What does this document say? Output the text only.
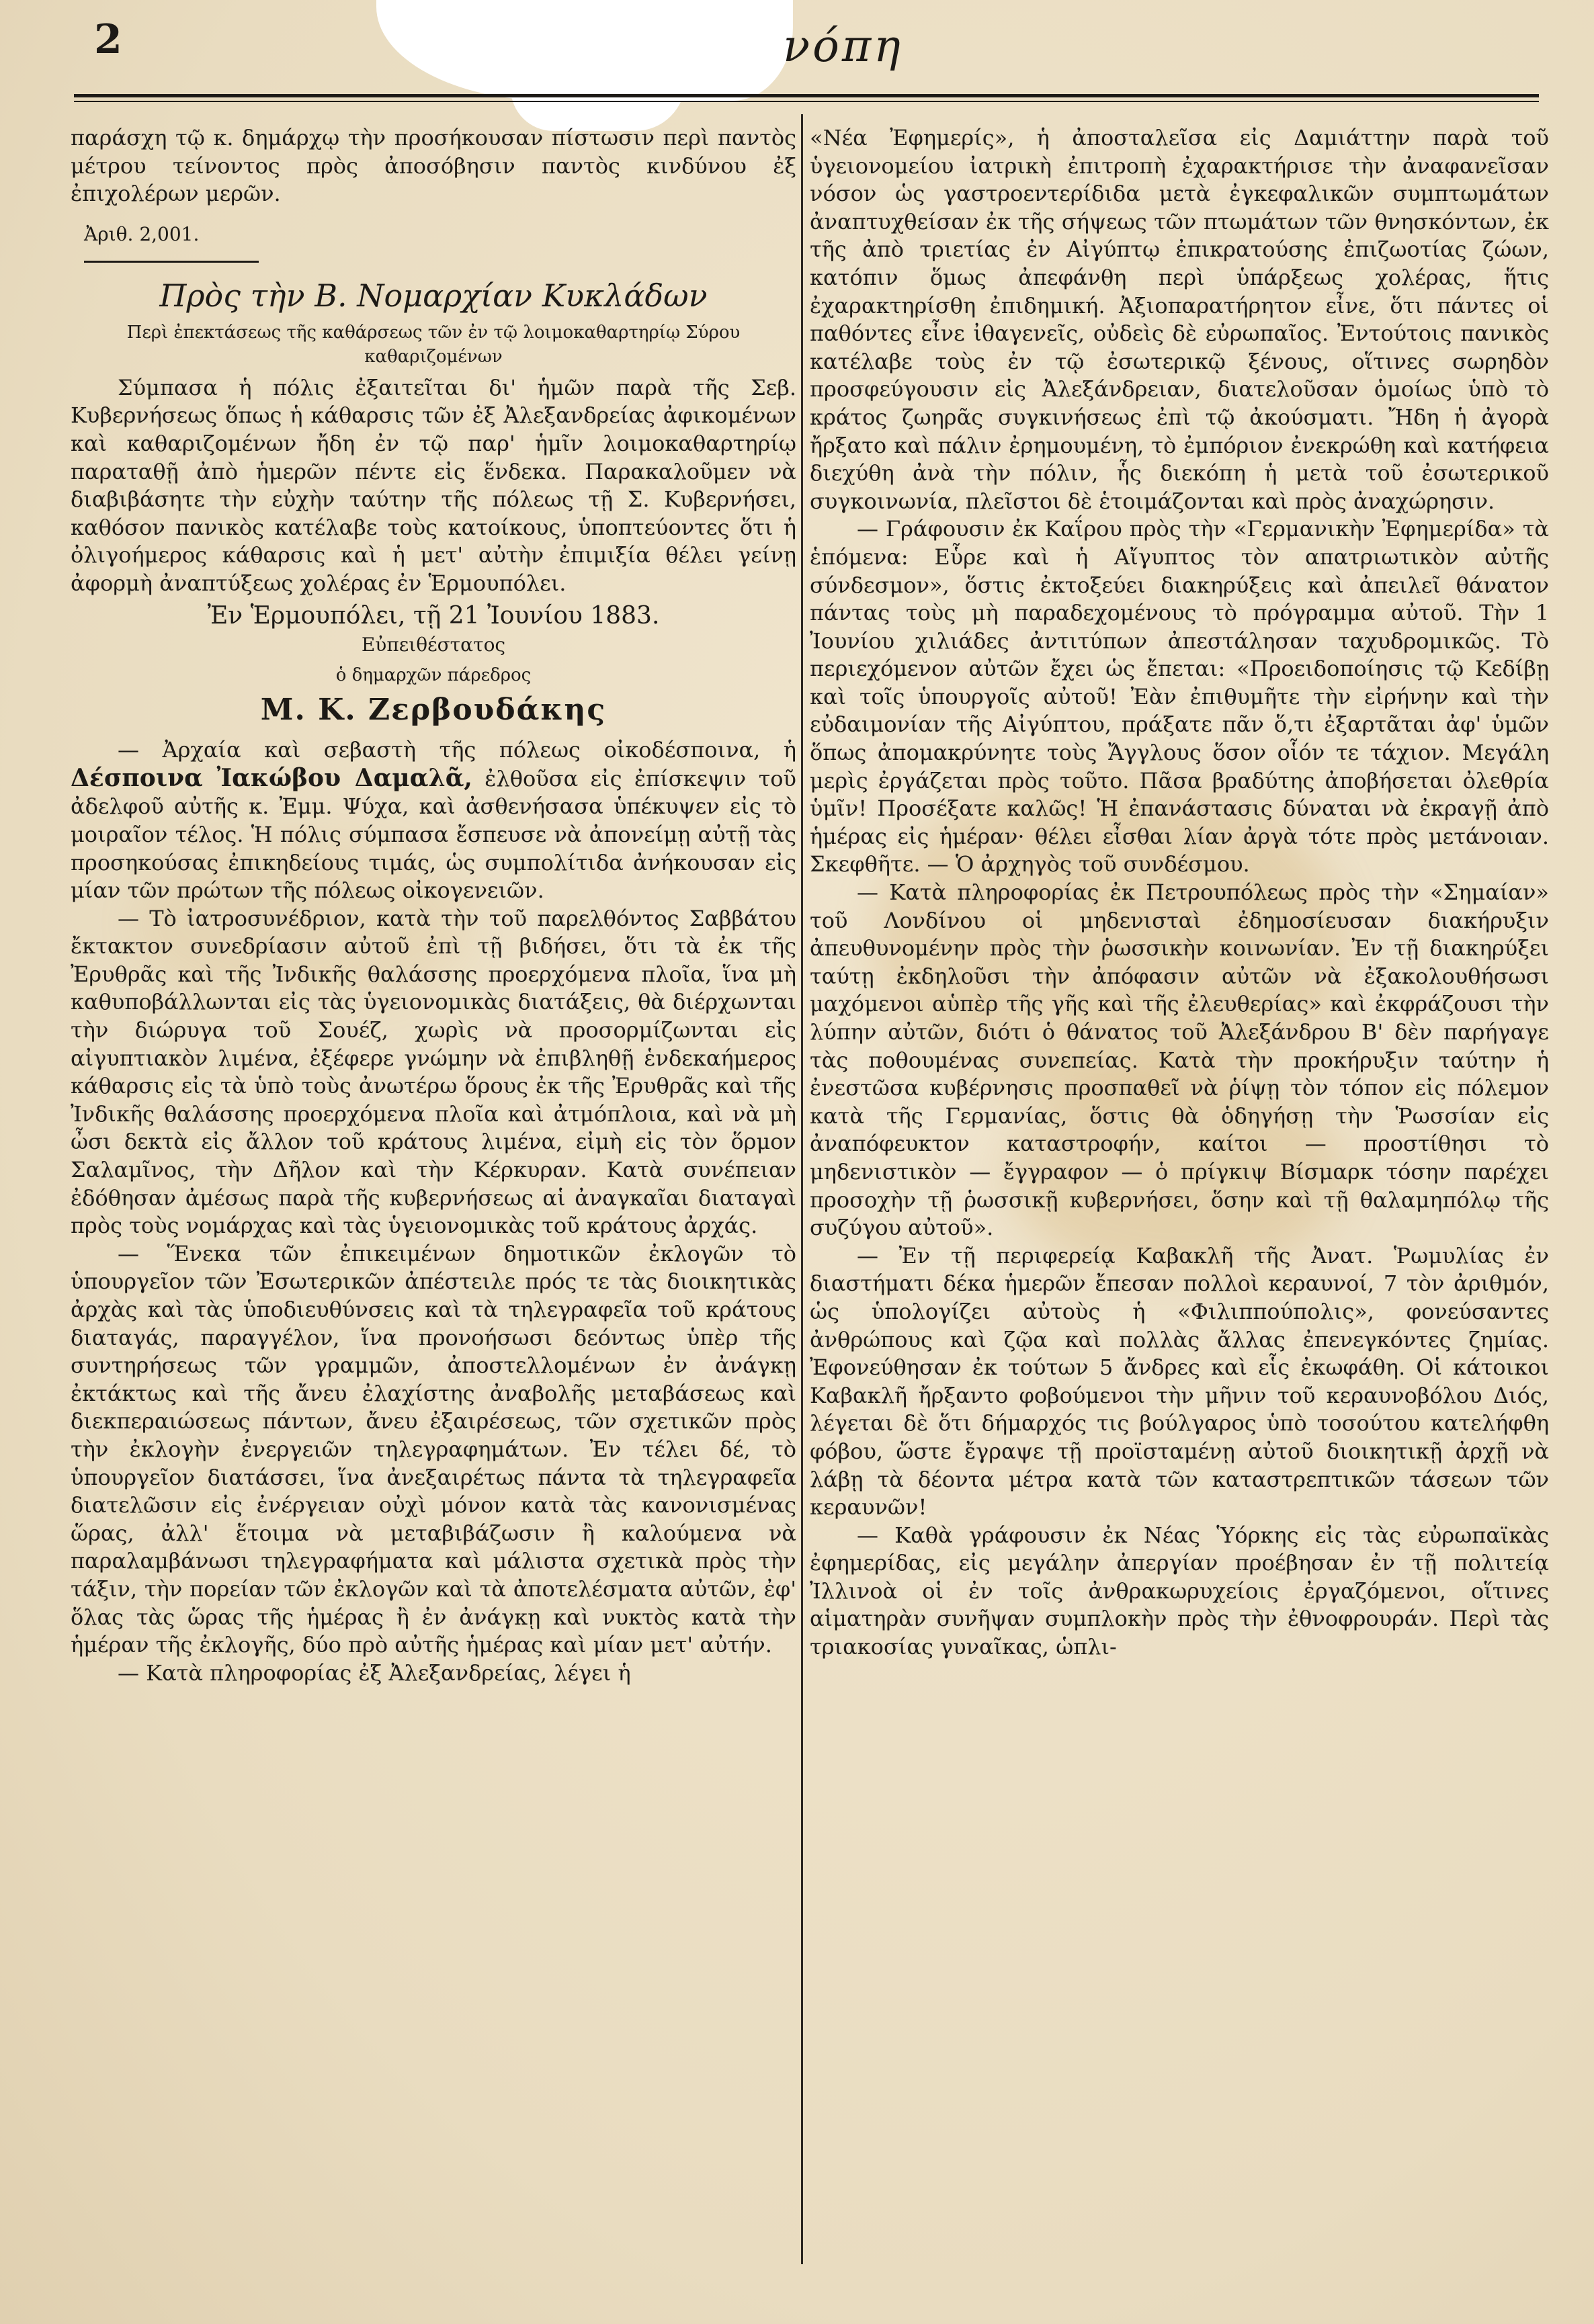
2	νόπη

παράσχη τῷ κ. δημάρχῳ τὴν προσήκουσαν πίστωσιν περὶ παντὸς μέτρου τείνοντος πρὸς ἀποσόβησιν παντὸς κινδύνου ἐξ ἐπιχολέρων μερῶν.

Ἀριθ. 2,001.

Πρὸς τὴν Β. Νομαρχίαν Κυκλάδων

Περὶ ἐπεκτάσεως τῆς καθάρσεως τῶν ἐν τῷ λοιμοκαθαρτηρίῳ Σύρου καθαριζομένων

Σύμπασα ἡ πόλις ἐξαιτεῖται δι' ἡμῶν παρὰ τῆς Σεβ. Κυβερνήσεως ὅπως ἡ κάθαρσις τῶν ἐξ Ἀλεξανδρείας ἀφικομένων καὶ καθαριζομένων ἤδη ἐν τῷ παρ' ἡμῖν λοιμοκαθαρτηρίῳ παραταθῇ ἀπὸ ἡμερῶν πέντε εἰς ἕνδεκα. Παρακαλοῦμεν νὰ διαβιβάσητε τὴν εὐχὴν ταύτην τῆς πόλεως τῇ Σ. Κυβερνήσει, καθόσον πανικὸς κατέλαβε τοὺς κατοίκους, ὑποπτεύοντες ὅτι ἡ ὀλιγοήμερος κάθαρσις καὶ ἡ μετ' αὐτὴν ἐπιμιξία θέλει γείνῃ ἀφορμὴ ἀναπτύξεως χολέρας ἐν Ἑρμουπόλει.

Ἐν Ἑρμουπόλει, τῇ 21 Ἰουνίου 1883.

Εὐπειθέστατος

ὁ δημαρχῶν πάρεδρος

Μ. Κ. Ζερβουδάκης

— Ἀρχαία καὶ σεβαστὴ τῆς πόλεως οἰκοδέσποινα, ἡ Δέσποινα Ἰακώβου Δαμαλᾶ, ἐλθοῦσα εἰς ἐπίσκεψιν τοῦ ἀδελφοῦ αὐτῆς κ. Ἐμμ. Ψύχα, καὶ ἀσθενήσασα ὑπέκυψεν εἰς τὸ μοιραῖον τέλος. Ἡ πόλις σύμπασα ἔσπευσε νὰ ἀπονείμῃ αὐτῇ τὰς προσηκούσας ἐπικηδείους τιμάς, ὡς συμπολίτιδα ἀνήκουσαν εἰς μίαν τῶν πρώτων τῆς πόλεως οἰκογενειῶν.

— Τὸ ἰατροσυνέδριον, κατὰ τὴν τοῦ παρελθόντος Σαββάτου ἔκτακτον συνεδρίασιν αὐτοῦ ἐπὶ τῇ βιδήσει, ὅτι τὰ ἐκ τῆς Ἐρυθρᾶς καὶ τῆς Ἰνδικῆς θαλάσσης προερχόμενα πλοῖα, ἵνα μὴ καθυποβάλλωνται εἰς τὰς ὑγειονομικὰς διατάξεις, θὰ διέρχωνται τὴν διώρυγα τοῦ Σουέζ, χωρὶς νὰ προσορμίζωνται εἰς αἰγυπτιακὸν λιμένα, ἐξέφερε γνώμην νὰ ἐπιβληθῇ ἑνδεκαήμερος κάθαρσις εἰς τὰ ὑπὸ τοὺς ἀνωτέρω ὅρους ἐκ τῆς Ἐρυθρᾶς καὶ τῆς Ἰνδικῆς θαλάσσης προερχόμενα πλοῖα καὶ ἀτμόπλοια, καὶ νὰ μὴ ὦσι δεκτὰ εἰς ἄλλον τοῦ κράτους λιμένα, εἰμὴ εἰς τὸν ὅρμον Σαλαμῖνος, τὴν Δῆλον καὶ τὴν Κέρκυραν. Κατὰ συνέπειαν ἐδόθησαν ἀμέσως παρὰ τῆς κυβερνήσεως αἱ ἀναγκαῖαι διαταγαὶ πρὸς τοὺς νομάρχας καὶ τὰς ὑγειονομικὰς τοῦ κράτους ἀρχάς.

— Ἕνεκα τῶν ἐπικειμένων δημοτικῶν ἐκλογῶν τὸ ὑπουργεῖον τῶν Ἐσωτερικῶν ἀπέστειλε πρός τε τὰς διοικητικὰς ἀρχὰς καὶ τὰς ὑποδιευθύνσεις καὶ τὰ τηλεγραφεῖα τοῦ κράτους διαταγάς, παραγγέλον, ἵνα προνοήσωσι δεόντως ὑπὲρ τῆς συντηρήσεως τῶν γραμμῶν, ἀποστελλομένων ἐν ἀνάγκῃ ἐκτάκτως καὶ τῆς ἄνευ ἐλαχίστης ἀναβολῆς μεταβάσεως καὶ διεκπεραιώσεως πάντων, ἄνευ ἐξαιρέσεως, τῶν σχετικῶν πρὸς τὴν ἐκλογὴν ἐνεργειῶν τηλεγραφημάτων. Ἐν τέλει δέ, τὸ ὑπουργεῖον διατάσσει, ἵνα ἀνεξαιρέτως πάντα τὰ τηλεγραφεῖα διατελῶσιν εἰς ἐνέργειαν οὐχὶ μόνον κατὰ τὰς κανονισμένας ὥρας, ἀλλ' ἕτοιμα νὰ μεταβιβάζωσιν ἢ καλούμενα νὰ παραλαμβάνωσι τηλεγραφήματα καὶ μάλιστα σχετικὰ πρὸς τὴν τάξιν, τὴν πορείαν τῶν ἐκλογῶν καὶ τὰ ἀποτελέσματα αὐτῶν, ἐφ' ὅλας τὰς ὥρας τῆς ἡμέρας ἢ ἐν ἀνάγκῃ καὶ νυκτὸς κατὰ τὴν ἡμέραν τῆς ἐκλογῆς, δύο πρὸ αὐτῆς ἡμέρας καὶ μίαν μετ' αὐτήν.

— Κατὰ πληροφορίας ἐξ Ἀλεξανδρείας, λέγει ἡ

«Νέα Ἐφημερίς», ἡ ἀποσταλεῖσα εἰς Δαμιάττην παρὰ τοῦ ὑγειονομείου ἰατρικὴ ἐπιτροπὴ ἐχαρακτήρισε τὴν ἀναφανεῖσαν νόσον ὡς γαστροεντερίδιδα μετὰ ἐγκεφαλικῶν συμπτωμάτων ἀναπτυχθείσαν ἐκ τῆς σήψεως τῶν πτωμάτων τῶν θνησκόντων, ἐκ τῆς ἀπὸ τριετίας ἐν Αἰγύπτῳ ἐπικρατούσης ἐπιζωοτίας ζώων, κατόπιν ὅμως ἀπεφάνθη περὶ ὑπάρξεως χολέρας, ἥτις ἐχαρακτηρίσθη ἐπιδημική. Ἀξιοπαρατήρητον εἶνε, ὅτι πάντες οἱ παθόντες εἶνε ἰθαγενεῖς, οὐδεὶς δὲ εὐρωπαῖος. Ἐντούτοις πανικὸς κατέλαβε τοὺς ἐν τῷ ἐσωτερικῷ ξένους, οἵτινες σωρηδὸν προσφεύγουσιν εἰς Ἀλεξάνδρειαν, διατελοῦσαν ὁμοίως ὑπὸ τὸ κράτος ζωηρᾶς συγκινήσεως ἐπὶ τῷ ἀκούσματι. Ἤδη ἡ ἀγορὰ ἤρξατο καὶ πάλιν ἐρημουμένη, τὸ ἐμπόριον ἐνεκρώθη καὶ κατήφεια διεχύθη ἀνὰ τὴν πόλιν, ἧς διεκόπη ἡ μετὰ τοῦ ἐσωτερικοῦ συγκοινωνία, πλεῖστοι δὲ ἑτοιμάζονται καὶ πρὸς ἀναχώρησιν.

— Γράφουσιν ἐκ Καΐρου πρὸς τὴν «Γερμανικὴν Ἐφημερίδα» τὰ ἑπόμενα: Εὗρε καὶ ἡ Αἴγυπτος τὸν απατριωτικὸν αὐτῆς σύνδεσμον», ὅστις ἐκτοξεύει διακηρύξεις καὶ ἀπειλεῖ θάνατον πάντας τοὺς μὴ παραδεχομένους τὸ πρόγραμμα αὐτοῦ. Τὴν 1 Ἰουνίου χιλιάδες ἀντιτύπων ἀπεστάλησαν ταχυδρομικῶς. Τὸ περιεχόμενον αὐτῶν ἔχει ὡς ἔπεται: «Προειδοποίησις τῷ Κεδίβῃ καὶ τοῖς ὑπουργοῖς αὐτοῦ! Ἐὰν ἐπιθυμῆτε τὴν εἰρήνην καὶ τὴν εὐδαιμονίαν τῆς Αἰγύπτου, πράξατε πᾶν ὅ,τι ἐξαρτᾶται ἀφ' ὑμῶν ὅπως ἀπομακρύνητε τοὺς Ἄγγλους ὅσον οἷόν τε τάχιον. Μεγάλη μερὶς ἐργάζεται πρὸς τοῦτο. Πᾶσα βραδύτης ἀποβήσεται ὀλεθρία ὑμῖν! Προσέξατε καλῶς! Ἡ ἐπανάστασις δύναται νὰ ἐκραγῇ ἀπὸ ἡμέρας εἰς ἡμέραν· θέλει εἶσθαι λίαν ἀργὰ τότε πρὸς μετάνοιαν. Σκεφθῆτε. — Ὁ ἀρχηγὸς τοῦ συνδέσμου.

— Κατὰ πληροφορίας ἐκ Πετρουπόλεως πρὸς τὴν «Σημαίαν» τοῦ Λονδίνου οἱ μηδενισταὶ ἐδημοσίευσαν διακήρυξιν ἀπευθυνομένην πρὸς τὴν ῥωσσικὴν κοινωνίαν. Ἐν τῇ διακηρύξει ταύτῃ ἐκδηλοῦσι τὴν ἀπόφασιν αὐτῶν νὰ ἐξακολουθήσωσι μαχόμενοι αὑπὲρ τῆς γῆς καὶ τῆς ἐλευθερίας» καὶ ἐκφράζουσι τὴν λύπην αὐτῶν, διότι ὁ θάνατος τοῦ Ἀλεξάνδρου Β' δὲν παρήγαγε τὰς ποθουμένας συνεπείας. Κατὰ τὴν προκήρυξιν ταύτην ἡ ἐνεστῶσα κυβέρνησις προσπαθεῖ νὰ ῥίψῃ τὸν τόπον εἰς πόλεμον κατὰ τῆς Γερμανίας, ὅστις θὰ ὁδηγήσῃ τὴν Ῥωσσίαν εἰς ἀναπόφευκτον καταστροφήν, καίτοι — προστίθησι τὸ μηδενιστικὸν — ἔγγραφον — ὁ πρίγκιψ Βίσμαρκ τόσην παρέχει προσοχὴν τῇ ῥωσσικῇ κυβερνήσει, ὅσην καὶ τῇ θαλαμηπόλῳ τῆς συζύγου αὐτοῦ».

— Ἐν τῇ περιφερείᾳ Καβακλῆ τῆς Ἀνατ. Ῥωμυλίας ἐν διαστήματι δέκα ἡμερῶν ἔπεσαν πολλοὶ κεραυνοί, 7 τὸν ἀριθμόν, ὡς ὑπολογίζει αὐτοὺς ἡ «Φιλιππούπολις», φονεύσαντες ἀνθρώπους καὶ ζῷα καὶ πολλὰς ἄλλας ἐπενεγκόντες ζημίας. Ἐφονεύθησαν ἐκ τούτων 5 ἄνδρες καὶ εἷς ἐκωφάθη. Οἱ κάτοικοι Καβακλῆ ἤρξαντο φοβούμενοι τὴν μῆνιν τοῦ κεραυνοβόλου Διός, λέγεται δὲ ὅτι δήμαρχός τις βούλγαρος ὑπὸ τοσούτου κατελήφθη φόβου, ὥστε ἔγραψε τῇ προϊσταμένῃ αὐτοῦ διοικητικῇ ἀρχῇ νὰ λάβῃ τὰ δέοντα μέτρα κατὰ τῶν καταστρεπτικῶν τάσεων τῶν κεραυνῶν!

— Καθὰ γράφουσιν ἐκ Νέας Ὑόρκης εἰς τὰς εὐρωπαϊκὰς ἐφημερίδας, εἰς μεγάλην ἀπεργίαν προέβησαν ἐν τῇ πολιτείᾳ Ἰλλινοὰ οἱ ἐν τοῖς ἀνθρακωρυχείοις ἐργαζόμενοι, οἵτινες αἱματηρὰν συνῆψαν συμπλοκὴν πρὸς τὴν ἐθνοφρουράν. Περὶ τὰς τριακοσίας γυναῖκας, ὡπλι-
